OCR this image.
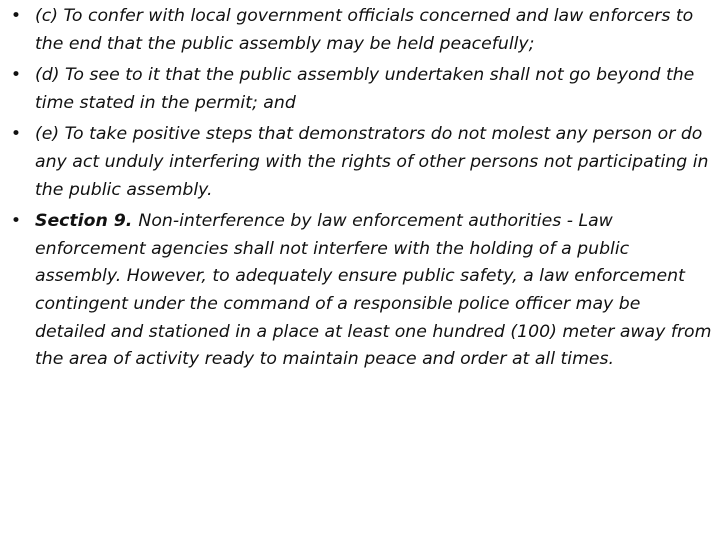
• (c) To confer with local government officials concerned and law enforcers to the end that the public assembly may be held peacefully;
• (d) To see to it that the public assembly undertaken shall not go beyond the time stated in the permit; and
• (e) To take positive steps that demonstrators do not molest any person or do any act unduly interfering with the rights of other persons not participating in the public assembly.
• Section 9. Non-interference by law enforcement authorities - Law enforcement agencies shall not interfere with the holding of a public assembly. However, to adequately ensure public safety, a law enforcement contingent under the command of a responsible police officer may be detailed and stationed in a place at least one hundred (100) meter away from the area of activity ready to maintain peace and order at all times.
